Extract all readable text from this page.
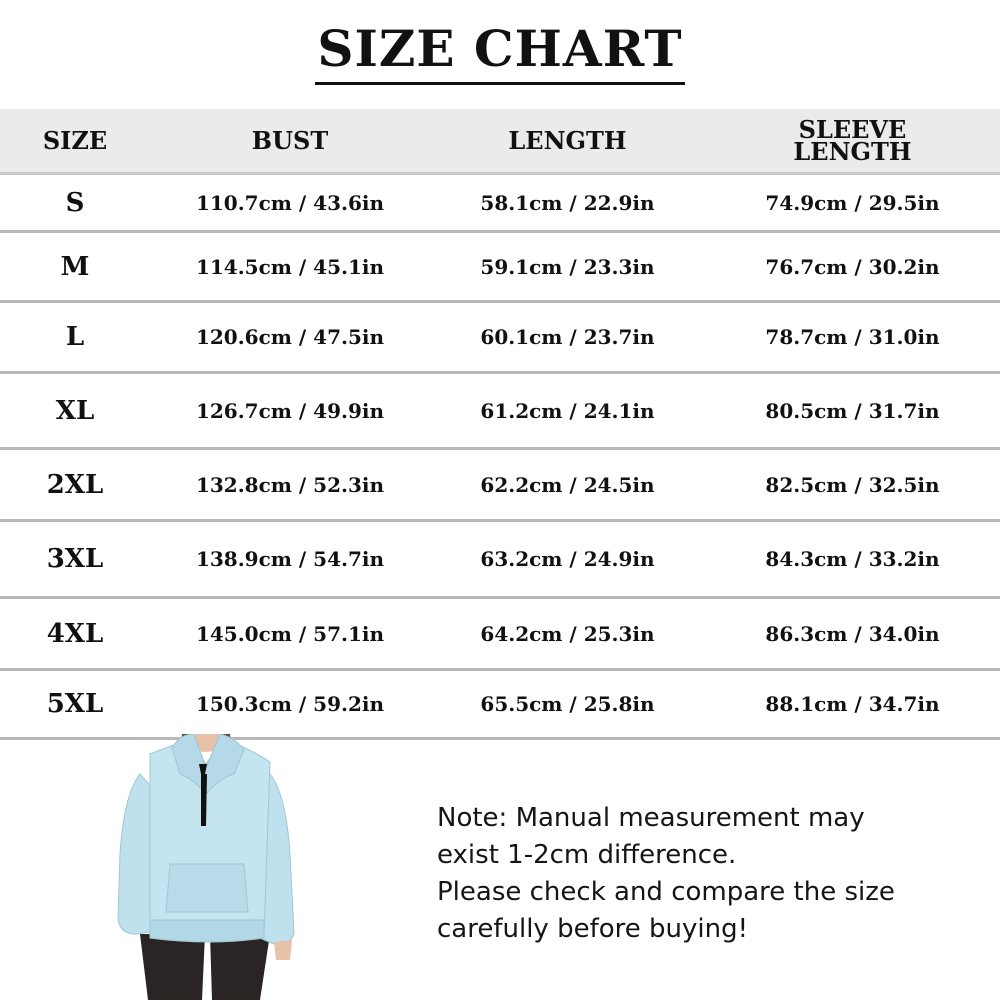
SIZE CHART
SIZE	BUST	LENGTH	SLEEVE
LENGTH
S	110.7cm / 43.6in	58.1cm / 22.9in	74.9cm / 29.5in
M	114.5cm / 45.1in	59.1cm / 23.3in	76.7cm / 30.2in
L	120.6cm / 47.5in	60.1cm / 23.7in	78.7cm / 31.0in
XL	126.7cm / 49.9in	61.2cm / 24.1in	80.5cm / 31.7in
2XL	132.8cm / 52.3in	62.2cm / 24.5in	82.5cm / 32.5in
3XL	138.9cm / 54.7in	63.2cm / 24.9in	84.3cm / 33.2in
4XL	145.0cm / 57.1in	64.2cm / 25.3in	86.3cm / 34.0in
5XL	150.3cm / 59.2in	65.5cm / 25.8in	88.1cm / 34.7in
Note: Manual measurement may
exist 1-2cm difference.
Please check and compare the size
carefully before buying!
